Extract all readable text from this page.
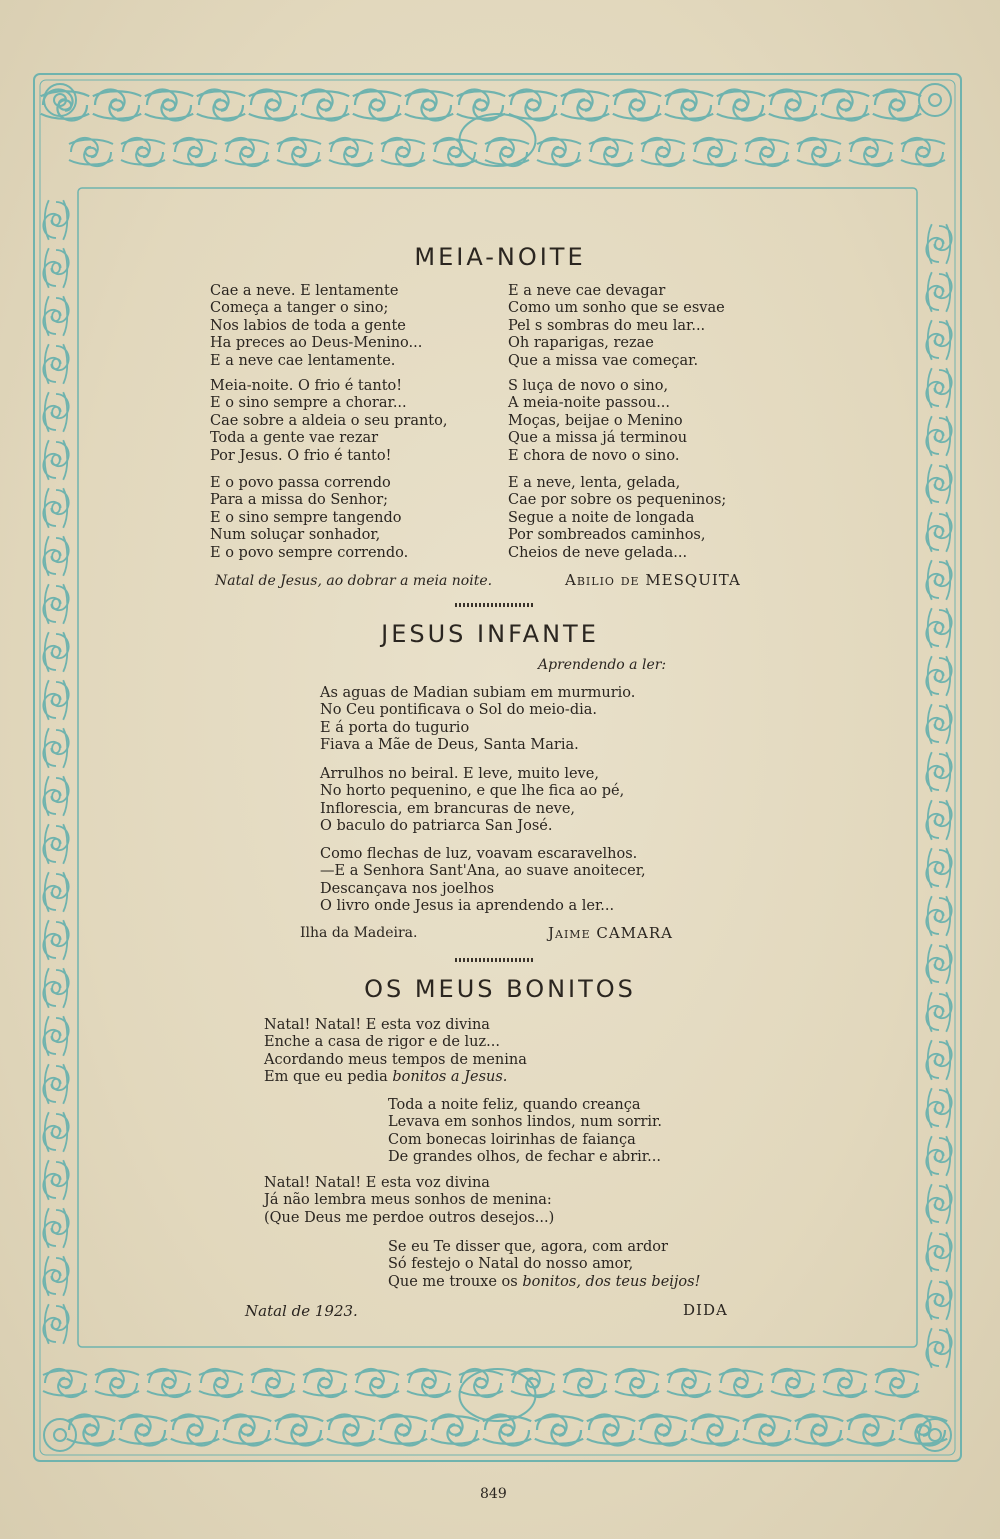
MEIA-NOITE
Cae a neve. E lentamente
Começa a tanger o sino;
Nos labios de toda a gente
Ha preces ao Deus-Menino...
E a neve cae lentamente.
Meia-noite. O frio é tanto!
E o sino sempre a chorar...
Cae sobre a aldeia o seu pranto,
Toda a gente vae rezar
Por Jesus. O frio é tanto!
E o povo passa correndo
Para a missa do Senhor;
E o sino sempre tangendo
Num soluçar sonhador,
E o povo sempre correndo.
E a neve cae devagar
Como um sonho que se esvae
Pel s sombras do meu lar...
Oh raparigas, rezae
Que a missa vae começar.
S luça de novo o sino,
A meia-noite passou...
Moças, beijae o Menino
Que a missa já terminou
E chora de novo o sino.
E a neve, lenta, gelada,
Cae por sobre os pequeninos;
Segue a noite de longada
Por sombreados caminhos,
Cheios de neve gelada...
Natal de Jesus, ao dobrar a meia noite.	Abilio de MESQUITA
JESUS INFANTE
Aprendendo a ler:
As aguas de Madian subiam em murmurio.
No Ceu pontificava o Sol do meio-dia.
E á porta do tugurio
Fiava a Mãe de Deus, Santa Maria.
Arrulhos no beiral. E leve, muito leve,
No horto pequenino, e que lhe fica ao pé,
Inflorescia, em brancuras de neve,
O baculo do patriarca San José.
Como flechas de luz, voavam escaravelhos.
—E a Senhora Sant'Ana, ao suave anoitecer,
Descançava nos joelhos
O livro onde Jesus ia aprendendo a ler...
Ilha da Madeira.	Jaime CAMARA
OS MEUS BONITOS
Natal! Natal! E esta voz divina
Enche a casa de rigor e de luz...
Acordando meus tempos de menina
Em que eu pedia bonitos a Jesus.
Toda a noite feliz, quando creança
Levava em sonhos lindos, num sorrir.
Com bonecas loirinhas de faiança
De grandes olhos, de fechar e abrir...
Natal! Natal! E esta voz divina
Já não lembra meus sonhos de menina:
(Que Deus me perdoe outros desejos...)
Se eu Te disser que, agora, com ardor
Só festejo o Natal do nosso amor,
Que me trouxe os bonitos, dos teus beijos!
Natal de 1923.	DIDA
849
